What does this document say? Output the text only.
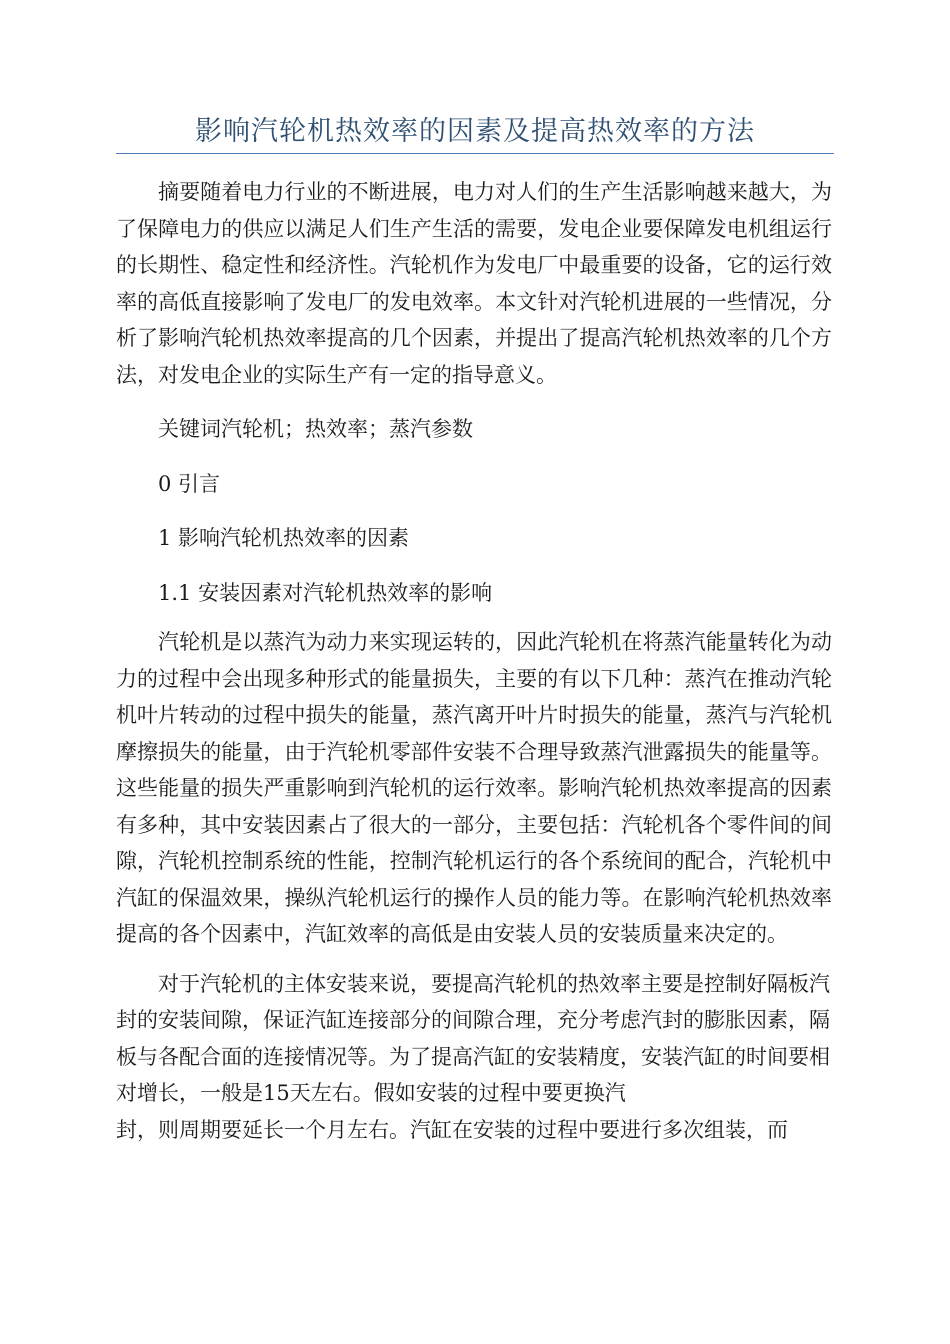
影响汽轮机热效率的因素及提高热效率的方法

摘要随着电力行业的不断进展，电力对人们的生产生活影响越来越大，为了保障电力的供应以满足人们生产生活的需要，发电企业要保障发电机组运行的长期性、稳定性和经济性。汽轮机作为发电厂中最重要的设备，它的运行效率的高低直接影响了发电厂的发电效率。本文针对汽轮机进展的一些情况，分析了影响汽轮机热效率提高的几个因素，并提出了提高汽轮机热效率的几个方法，对发电企业的实际生产有一定的指导意义。

关键词汽轮机；热效率；蒸汽参数

0 引言

1 影响汽轮机热效率的因素

1.1 安装因素对汽轮机热效率的影响

汽轮机是以蒸汽为动力来实现运转的，因此汽轮机在将蒸汽能量转化为动力的过程中会出现多种形式的能量损失，主要的有以下几种：蒸汽在推动汽轮机叶片转动的过程中损失的能量，蒸汽离开叶片时损失的能量，蒸汽与汽轮机摩擦损失的能量，由于汽轮机零部件安装不合理导致蒸汽泄露损失的能量等。这些能量的损失严重影响到汽轮机的运行效率。影响汽轮机热效率提高的因素有多种，其中安装因素占了很大的一部分，主要包括：汽轮机各个零件间的间隙，汽轮机控制系统的性能，控制汽轮机运行的各个系统间的配合，汽轮机中汽缸的保温效果，操纵汽轮机运行的操作人员的能力等。在影响汽轮机热效率提高的各个因素中，汽缸效率的高低是由安装人员的安装质量来决定的。

对于汽轮机的主体安装来说，要提高汽轮机的热效率主要是控制好隔板汽封的安装间隙，保证汽缸连接部分的间隙合理，充分考虑汽封的膨胀因素，隔板与各配合面的连接情况等。为了提高汽缸的安装精度，安装汽缸的时间要相对增长，一般是15天左右。假如安装的过程中要更换汽

封，则周期要延长一个月左右。汽缸在安装的过程中要进行多次组装，而
